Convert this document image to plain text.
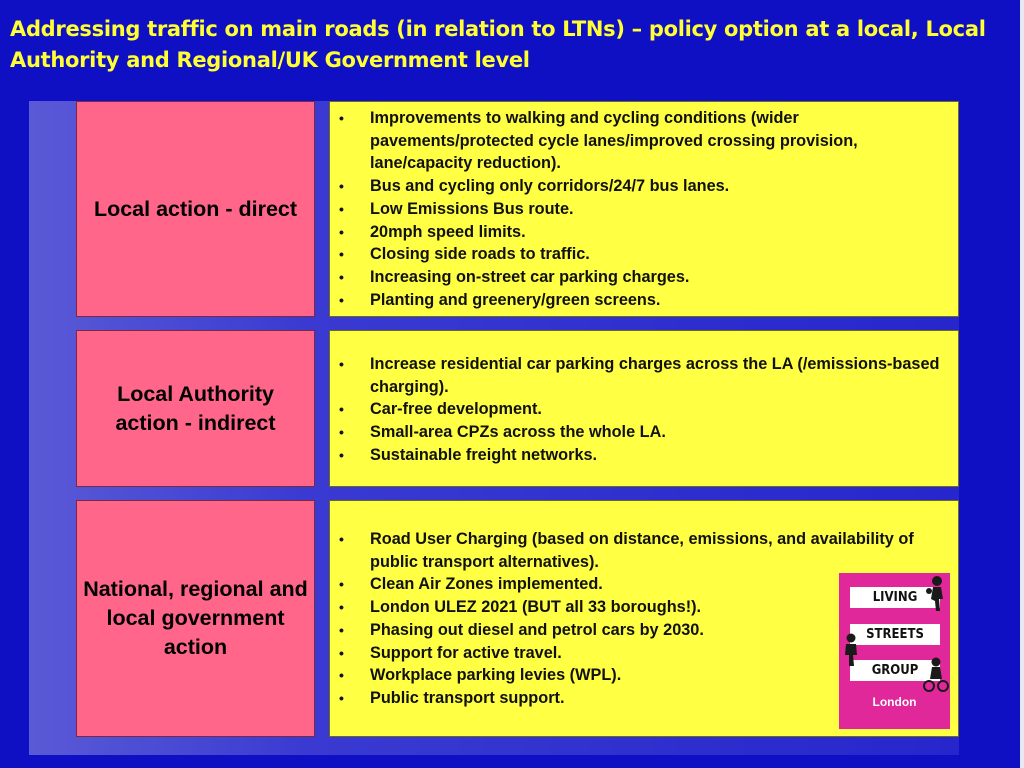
Addressing traffic on main roads (in relation to LTNs) – policy option at a local, Local Authority and Regional/UK Government level
Local action - direct
• Improvements to walking and cycling conditions (wider pavements/protected cycle lanes/improved crossing provision, lane/capacity reduction).
• Bus and cycling only corridors/24/7 bus lanes.
• Low Emissions Bus route.
• 20mph speed limits.
• Closing side roads to traffic.
• Increasing on-street car parking charges.
• Planting and greenery/green screens.
Local Authority action - indirect
• Increase residential car parking charges across the LA (/emissions-based charging).
• Car-free development.
• Small-area CPZs across the whole LA.
• Sustainable freight networks.
National, regional and local government action
• Road User Charging (based on distance, emissions, and availability of public transport alternatives).
• Clean Air Zones implemented.
• London ULEZ 2021 (BUT all 33 boroughs!).
• Phasing out diesel and petrol cars by 2030.
• Support for active travel.
• Workplace parking levies (WPL).
• Public transport support.
LIVING
STREETS
GROUP
London
